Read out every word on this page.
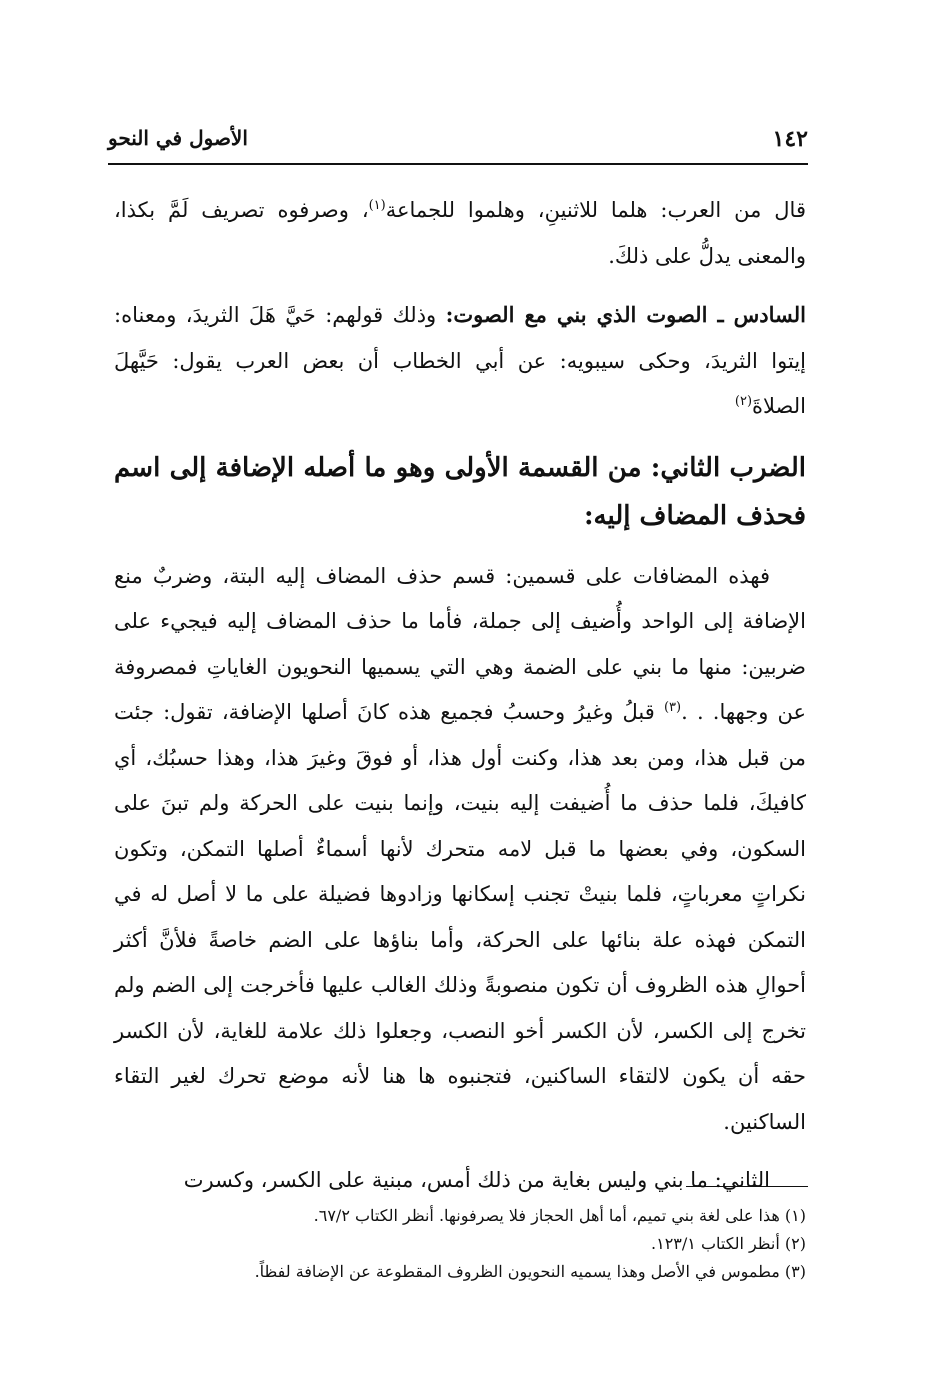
١٤٢
الأصول في النحو

قال من العرب: هلما للاثنينِ، وهلموا للجماعة$^{(١)}$، وصرفوه تصريف لَمَّ بكذا، والمعنى يدلُّ على ذلكَ.

السادس ـ الصوت الذي بني مع الصوت: وذلك قولهم: حَيَّ هَلَ الثريدَ، ومعناه: إيتوا الثريدَ، وحكى سيبويه: عن أبي الخطاب أن بعض العرب يقول: حَيَّهلَ الصلاةَ$^{(٢)}$

الضرب الثاني: من القسمة الأولى وهو ما أصله الإضافة إلى اسم فحذف المضاف إليه:

فهذه المضافات على قسمين: قسم حذف المضاف إليه البتة، وضربٌ منع الإضافة إلى الواحد وأُضيف إلى جملة، فأما ما حذف المضاف إليه فيجيء على ضربين: منها ما بني على الضمة وهي التي يسميها النحويون الغاياتِ فمصروفة عن وجهها. . .$^{(٣)}$ قبلُ وغيرُ وحسبُ فجميع هذه كانَ أصلها الإضافة، تقول: جئت من قبل هذا، ومن بعد هذا، وكنت أول هذا، أو فوقَ وغيرَ هذا، وهذا حسبُك، أي كافيكَ، فلما حذف ما أُضيفت إليه بنيت، وإنما بنيت على الحركة ولم تبنَ على السكون، وفي بعضها ما قبل لامه متحرك لأنها أسماءٌ أصلها التمكن، وتكون نكراتٍ معرباتٍ، فلما بنيتْ تجنب إسكانها وزادوها فضيلة على ما لا أصل له في التمكن فهذه علة بنائها على الحركة، وأما بناؤها على الضم خاصةً فلأنَّ أكثر أحوالِ هذه الظروف أن تكون منصوبةً وذلك الغالب عليها فأخرجت إلى الضم ولم تخرج إلى الكسر، لأن الكسر أخو النصب، وجعلوا ذلك علامة للغاية، لأن الكسر حقه أن يكون لالتقاء الساكنين، فتجنبوه ها هنا لأنه موضع تحرك لغير التقاء الساكنين.

الثاني: ما بني وليس بغاية من ذلك أمس، مبنية على الكسر، وكسرت

(١) هذا على لغة بني تميم، أما أهل الحجاز فلا يصرفونها. أنظر الكتاب ٦٧/٢.

(٢) أنظر الكتاب ١٢٣/١.

(٣) مطموس في الأصل وهذا يسميه النحويون الظروف المقطوعة عن الإضافة لفظاً.
